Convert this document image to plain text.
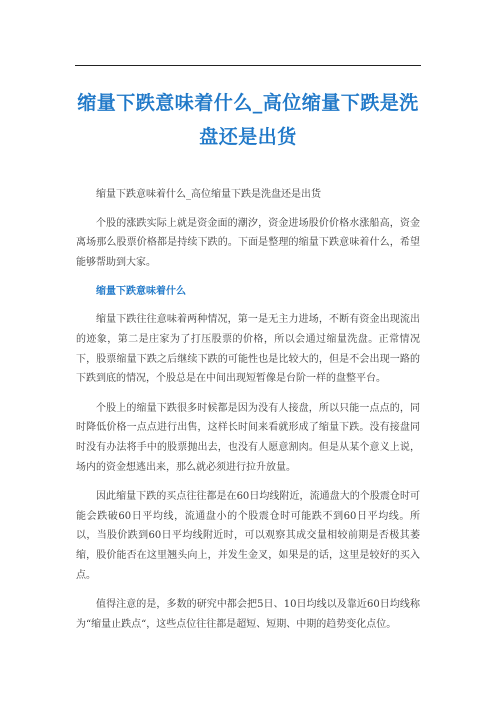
缩量下跌意味着什么_高位缩量下跌是洗
盘还是出货

缩量下跌意味着什么_高位缩量下跌是洗盘还是出货

个股的涨跌实际上就是资金面的潮汐，资金进场股价价格水涨船高，资金离场那么股票价格都是持续下跌的。下面是整理的缩量下跌意味着什么，希望能够帮助到大家。

缩量下跌意味着什么

缩量下跌往往意味着两种情况，第一是无主力进场，不断有资金出现流出的迹象，第二是庄家为了打压股票的价格，所以会通过缩量洗盘。正常情况下，股票缩量下跌之后继续下跌的可能性也是比较大的，但是不会出现一路的下跌到底的情况，个股总是在中间出现短暂像是台阶一样的盘整平台。

个股上的缩量下跌很多时候都是因为没有人接盘，所以只能一点点的，同时降低价格一点点进行出售，这样长时间来看就形成了缩量下跌。没有接盘同时没有办法将手中的股票抛出去，也没有人愿意割肉。但是从某个意义上说，场内的资金想逃出来，那么就必须进行拉升放量。

因此缩量下跌的买点往往都是在60日均线附近，流通盘大的个股震仓时可能会跌破60日平均线，流通盘小的个股震仓时可能跌不到60日平均线。所以，当股价跌到60日平均线附近时，可以观察其成交量相较前期是否极其萎缩，股价能否在这里翘头向上，并发生金叉，如果是的话，这里是较好的买入点。

值得注意的是，多数的研究中都会把5日、10日均线以及靠近60日均线称为“缩量止跌点“，这些点位往往都是超短、短期、中期的趋势变化点位。
